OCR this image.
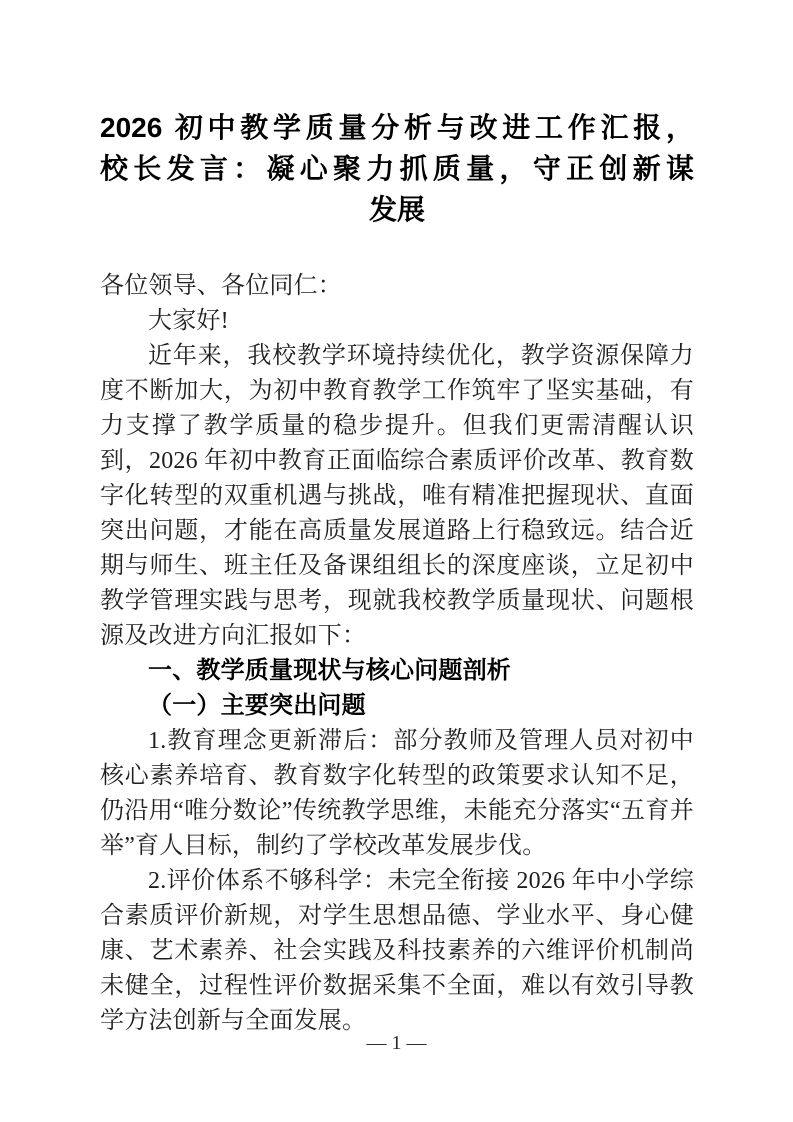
2026 初中教学质量分析与改进工作汇报，
校长发言：凝心聚力抓质量，守正创新谋
发展

各位领导、各位同仁：

大家好!

近年来，我校教学环境持续优化，教学资源保障力度不断加大，为初中教育教学工作筑牢了坚实基础，有力支撑了教学质量的稳步提升。但我们更需清醒认识到，2026 年初中教育正面临综合素质评价改革、教育数字化转型的双重机遇与挑战，唯有精准把握现状、直面突出问题，才能在高质量发展道路上行稳致远。结合近期与师生、班主任及备课组组长的深度座谈，立足初中教学管理实践与思考，现就我校教学质量现状、问题根源及改进方向汇报如下：

一、教学质量现状与核心问题剖析

（一）主要突出问题

1.教育理念更新滞后：部分教师及管理人员对初中核心素养培育、教育数字化转型的政策要求认知不足，仍沿用“唯分数论”传统教学思维，未能充分落实“五育并举”育人目标，制约了学校改革发展步伐。

2.评价体系不够科学：未完全衔接 2026 年中小学综合素质评价新规，对学生思想品德、学业水平、身心健康、艺术素养、社会实践及科技素养的六维评价机制尚未健全，过程性评价数据采集不全面，难以有效引导教学方法创新与全面发展。

— 1 —
